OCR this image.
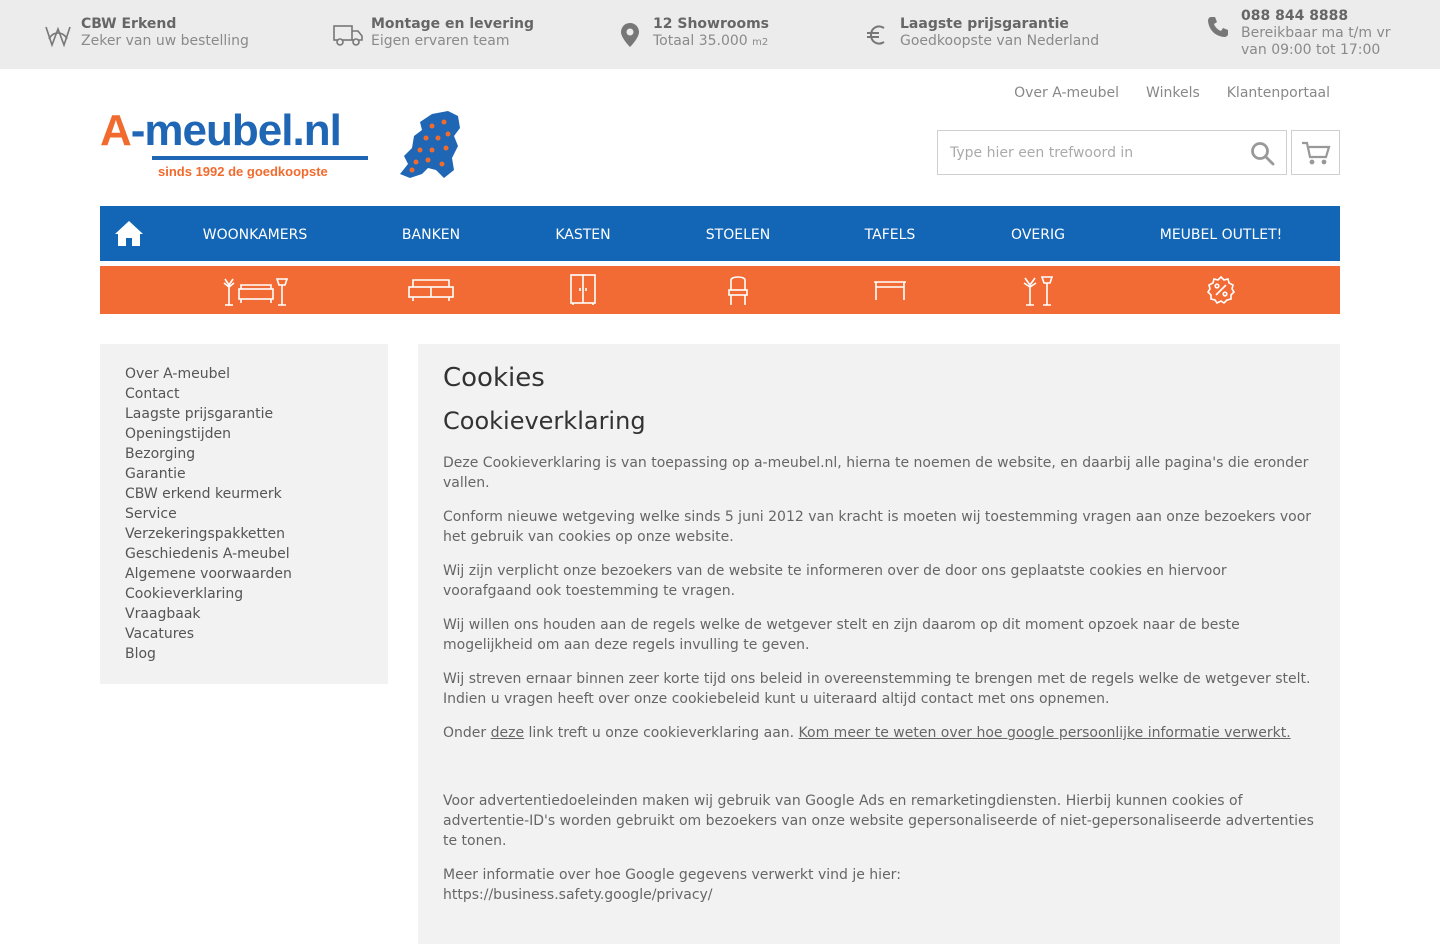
CBW Erkend
Zeker van uw bestelling
Montage en levering
Eigen ervaren team
12 Showrooms
Totaal 35.000 m2
Laagste prijsgarantie
Goedkoopste van Nederland
088 844 8888
Bereikbaar ma t/m vr
van 09:00 tot 17:00
Over A-meubel Winkels Klantenportaal
A-meubel.nl
sinds 1992 de goedkoopste
Type hier een trefwoord in
WOONKAMERS	BANKEN	KASTEN	STOELEN	TAFELS	OVERIG	MEUBEL OUTLET!
Over A-meubel
Contact
Laagste prijsgarantie
Openingstijden
Bezorging
Garantie
CBW erkend keurmerk
Service
Verzekeringspakketten
Geschiedenis A-meubel
Algemene voorwaarden
Cookieverklaring
Vraagbaak
Vacatures
Blog
Cookies
Cookieverklaring

Deze Cookieverklaring is van toepassing op a-meubel.nl, hierna te noemen de website, en daarbij alle pagina's die eronder vallen.

Conform nieuwe wetgeving welke sinds 5 juni 2012 van kracht is moeten wij toestemming vragen aan onze bezoekers voor het gebruik van cookies op onze website.

Wij zijn verplicht onze bezoekers van de website te informeren over de door ons geplaatste cookies en hiervoor voorafgaand ook toestemming te vragen.

Wij willen ons houden aan de regels welke de wetgever stelt en zijn daarom op dit moment opzoek naar de beste mogelijkheid om aan deze regels invulling te geven.

Wij streven ernaar binnen zeer korte tijd ons beleid in overeenstemming te brengen met de regels welke de wetgever stelt. Indien u vragen heeft over onze cookiebeleid kunt u uiteraard altijd contact met ons opnemen.

Onder deze link treft u onze cookieverklaring aan. Kom meer te weten over hoe google persoonlijke informatie verwerkt.

Voor advertentiedoeleinden maken wij gebruik van Google Ads en remarketingdiensten. Hierbij kunnen cookies of advertentie-ID's worden gebruikt om bezoekers van onze website gepersonaliseerde of niet-gepersonaliseerde advertenties te tonen.

Meer informatie over hoe Google gegevens verwerkt vind je hier:
https://business.safety.google/privacy/
